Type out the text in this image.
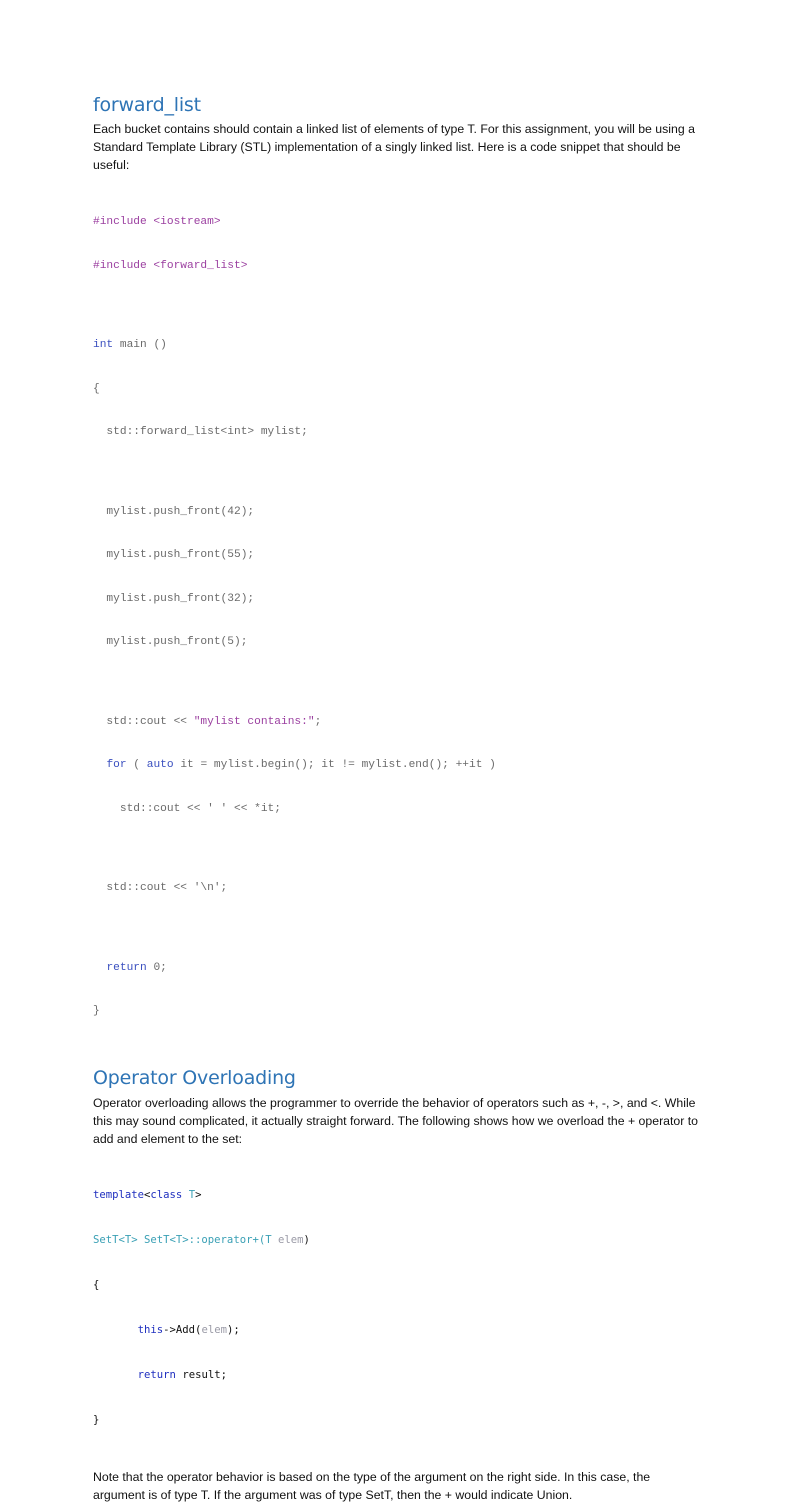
forward_list

Each bucket contains should contain a linked list of elements of type T. For this assignment, you will be using a Standard Template Library (STL) implementation of a singly linked list. Here is a code snippet that should be useful:

#include <iostream>

#include <forward_list>

int main ()

{

std::forward_list<int> mylist;

mylist.push_front(42);

mylist.push_front(55);

mylist.push_front(32);

mylist.push_front(5);

std::cout << "mylist contains:";

for ( auto it = mylist.begin(); it != mylist.end(); ++it )

std::cout << ' ' << *it;

std::cout << '\n';

return 0;

}

Operator Overloading

Operator overloading allows the programmer to override the behavior of operators such as +, -, >, and <. While this may sound complicated, it actually straight forward. The following shows how we overload the + operator to add and element to the set:

template<class T>

SetT<T> SetT<T>::operator+(T elem)

{

this->Add(elem);

return result;

}

Note that the operator behavior is based on the type of the argument on the right side. In this case, the argument is of type T. If the argument was of type SetT, then the + would indicate Union.
